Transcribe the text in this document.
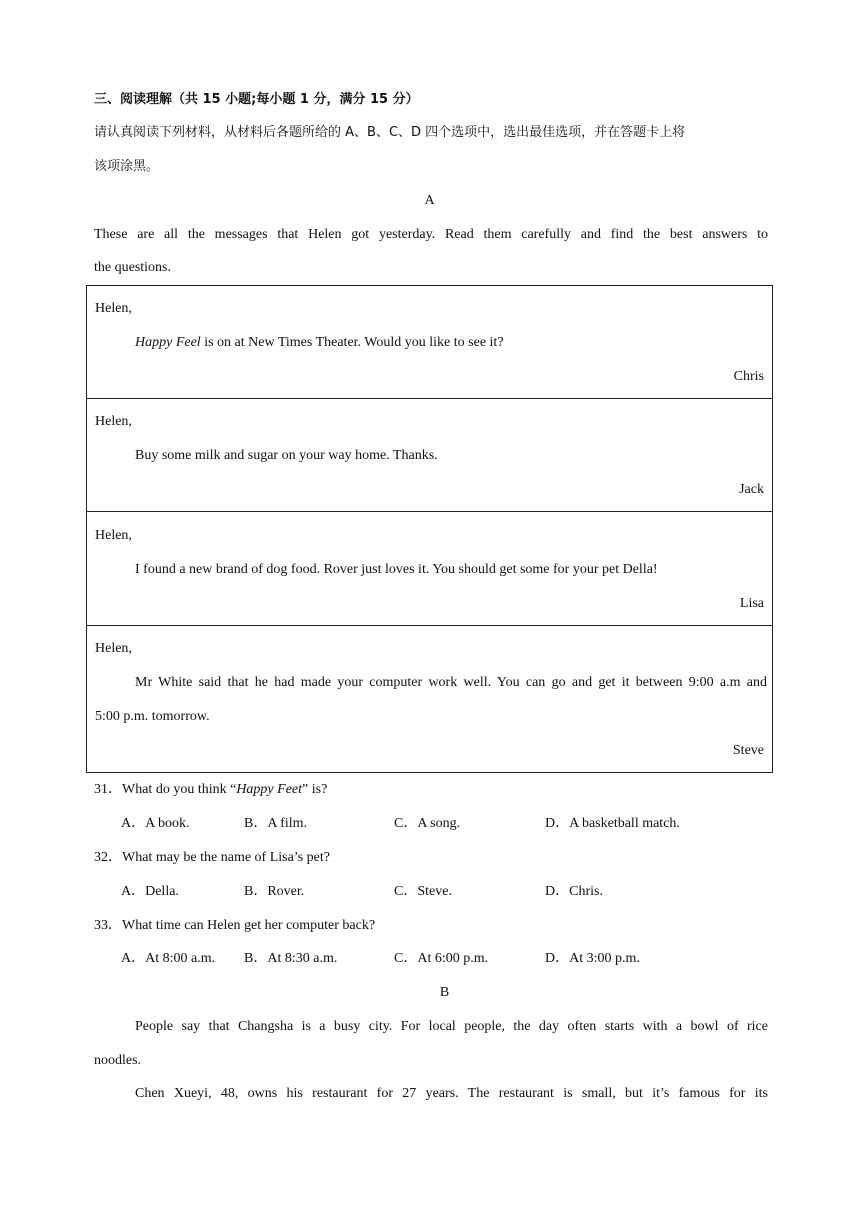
三、阅读理解（共 15 小题;每小题 1 分，满分 15 分）
请认真阅读下列材料，从材料后各题所给的 A、B、C、D 四个选项中，选出最佳选项，并在答题卡上将
该项涂黑。
A
These are all the messages that Helen got yesterday. Read them carefully and find the best answers to
the questions.
Helen,
Happy Feel is on at New Times Theater. Would you like to see it?
Chris
Helen,
Buy some milk and sugar on your way home. Thanks.
Jack
Helen,
I found a new brand of dog food. Rover just loves it. You should get some for your pet Della!
Lisa
Helen,
Mr White said that he had made your computer work well. You can go and get it between 9:00 a.m and
5:00 p.m. tomorrow.
Steve
31．What do you think “Happy Feet” is?
A．A book.	B．A film.	C．A song.	D．A basketball match.
32．What may be the name of Lisa’s pet?
A．Della.	B．Rover.	C．Steve.	D．Chris.
33．What time can Helen get her computer back?
A．At 8:00 a.m. B．At 8:30 a.m.	C．At 6:00 p.m.	D．At 3:00 p.m.
B
People say that Changsha is a busy city. For local people, the day often starts with a bowl of rice
noodles.
Chen Xueyi, 48, owns his restaurant for 27 years. The restaurant is small, but it’s famous for its
